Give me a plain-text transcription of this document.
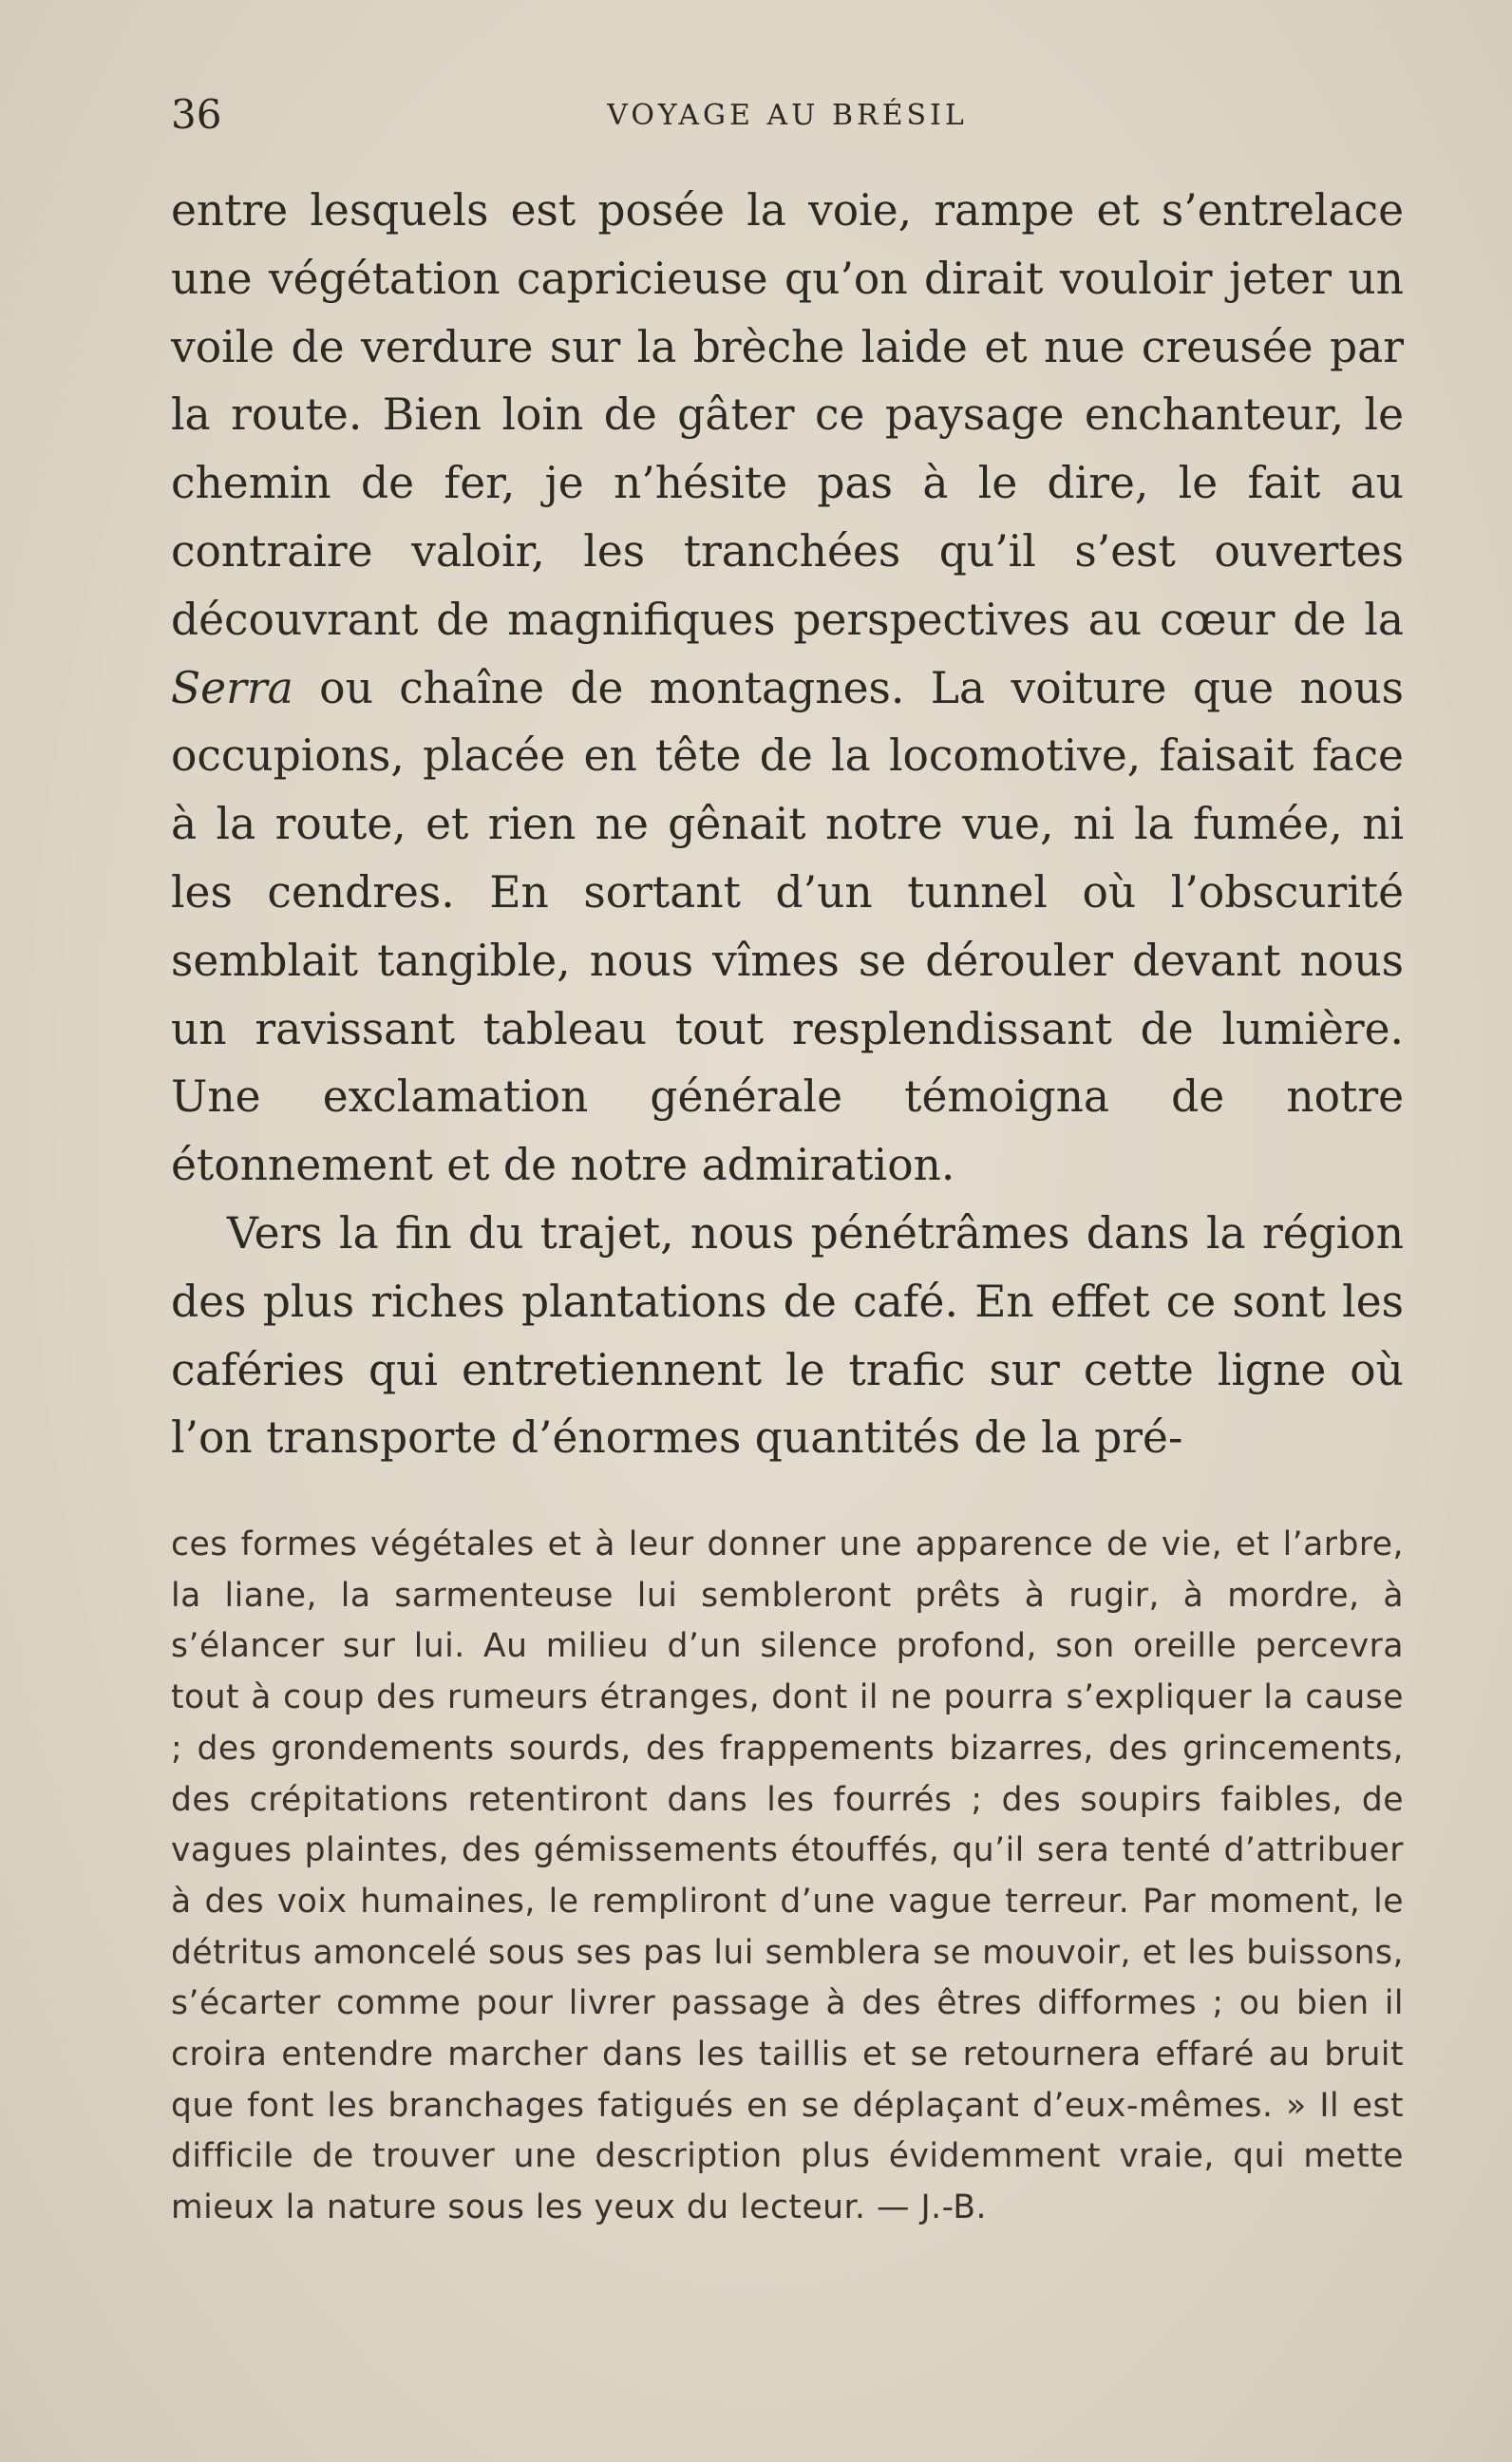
36	VOYAGE AU BRÉSIL

entre lesquels est posée la voie, rampe et s’entrelace une végétation capricieuse qu’on dirait vouloir jeter un voile de verdure sur la brèche laide et nue creusée par la route. Bien loin de gâter ce paysage enchanteur, le chemin de fer, je n’hésite pas à le dire, le fait au contraire valoir, les tranchées qu’il s’est ouvertes découvrant de magnifiques perspectives au cœur de la Serra ou chaîne de montagnes. La voiture que nous occupions, placée en tête de la locomotive, faisait face à la route, et rien ne gênait notre vue, ni la fumée, ni les cendres. En sortant d’un tunnel où l’obscurité semblait tangible, nous vîmes se dérouler devant nous un ravissant tableau tout resplendissant de lumière. Une exclamation générale témoigna de notre étonnement et de notre admiration.

Vers la fin du trajet, nous pénétrâmes dans la région des plus riches plantations de café. En effet ce sont les caféries qui entretiennent le trafic sur cette ligne où l’on transporte d’énormes quantités de la pré-

ces formes végétales et à leur donner une apparence de vie, et l’arbre, la liane, la sarmenteuse lui sembleront prêts à rugir, à mordre, à s’élancer sur lui. Au milieu d’un silence profond, son oreille percevra tout à coup des rumeurs étranges, dont il ne pourra s’expliquer la cause ; des grondements sourds, des frappements bizarres, des grincements, des crépitations retentiront dans les fourrés ; des soupirs faibles, de vagues plaintes, des gémissements étouffés, qu’il sera tenté d’attribuer à des voix humaines, le rempliront d’une vague terreur. Par moment, le détritus amoncelé sous ses pas lui semblera se mouvoir, et les buissons, s’écarter comme pour livrer passage à des êtres difformes ; ou bien il croira entendre marcher dans les taillis et se retournera effaré au bruit que font les branchages fatigués en se déplaçant d’eux-mêmes. » Il est difficile de trouver une description plus évidemment vraie, qui mette mieux la nature sous les yeux du lecteur. — J.-B.
